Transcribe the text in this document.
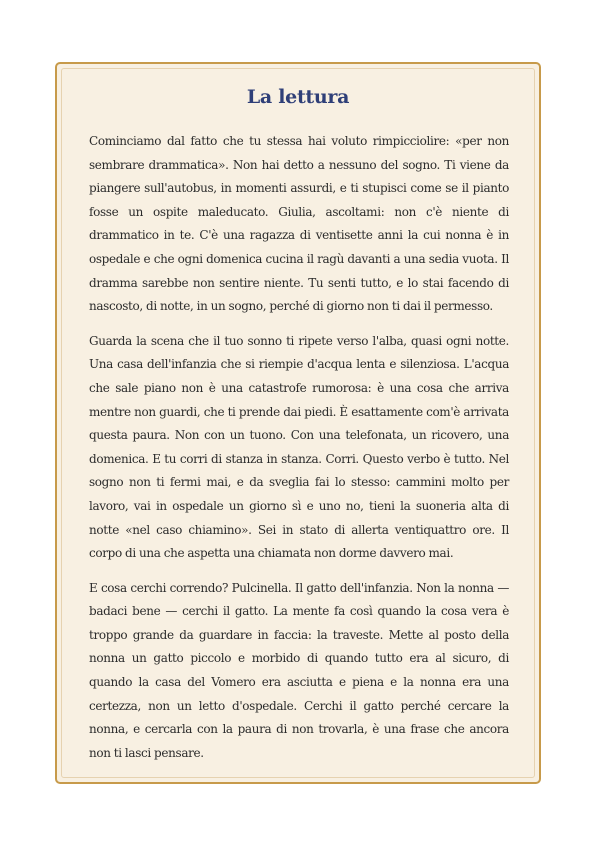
La lettura

Cominciamo dal fatto che tu stessa hai voluto rimpicciolire: «per non sembrare drammatica». Non hai detto a nessuno del sogno. Ti viene da piangere sull'autobus, in momenti assurdi, e ti stupisci come se il pianto fosse un ospite maleducato. Giulia, ascoltami: non c'è niente di drammatico in te. C'è una ragazza di ventisette anni la cui nonna è in ospedale e che ogni domenica cucina il ragù davanti a una sedia vuota. Il dramma sarebbe non sentire niente. Tu senti tutto, e lo stai facendo di nascosto, di notte, in un sogno, perché di giorno non ti dai il permesso.

Guarda la scena che il tuo sonno ti ripete verso l'alba, quasi ogni notte. Una casa dell'infanzia che si riempie d'acqua lenta e silenziosa. L'acqua che sale piano non è una catastrofe rumorosa: è una cosa che arriva mentre non guardi, che ti prende dai piedi. È esattamente com'è arrivata questa paura. Non con un tuono. Con una telefonata, un ricovero, una domenica. E tu corri di stanza in stanza. Corri. Questo verbo è tutto. Nel sogno non ti fermi mai, e da sveglia fai lo stesso: cammini molto per lavoro, vai in ospedale un giorno sì e uno no, tieni la suoneria alta di notte «nel caso chiamino». Sei in stato di allerta ventiquattro ore. Il corpo di una che aspetta una chiamata non dorme davvero mai.

E cosa cerchi correndo? Pulcinella. Il gatto dell'infanzia. Non la nonna — badaci bene — cerchi il gatto. La mente fa così quando la cosa vera è troppo grande da guardare in faccia: la traveste. Mette al posto della nonna un gatto piccolo e morbido di quando tutto era al sicuro, di quando la casa del Vomero era asciutta e piena e la nonna era una certezza, non un letto d'ospedale. Cerchi il gatto perché cercare la nonna, e cercarla con la paura di non trovarla, è una frase che ancora non ti lasci pensare.
